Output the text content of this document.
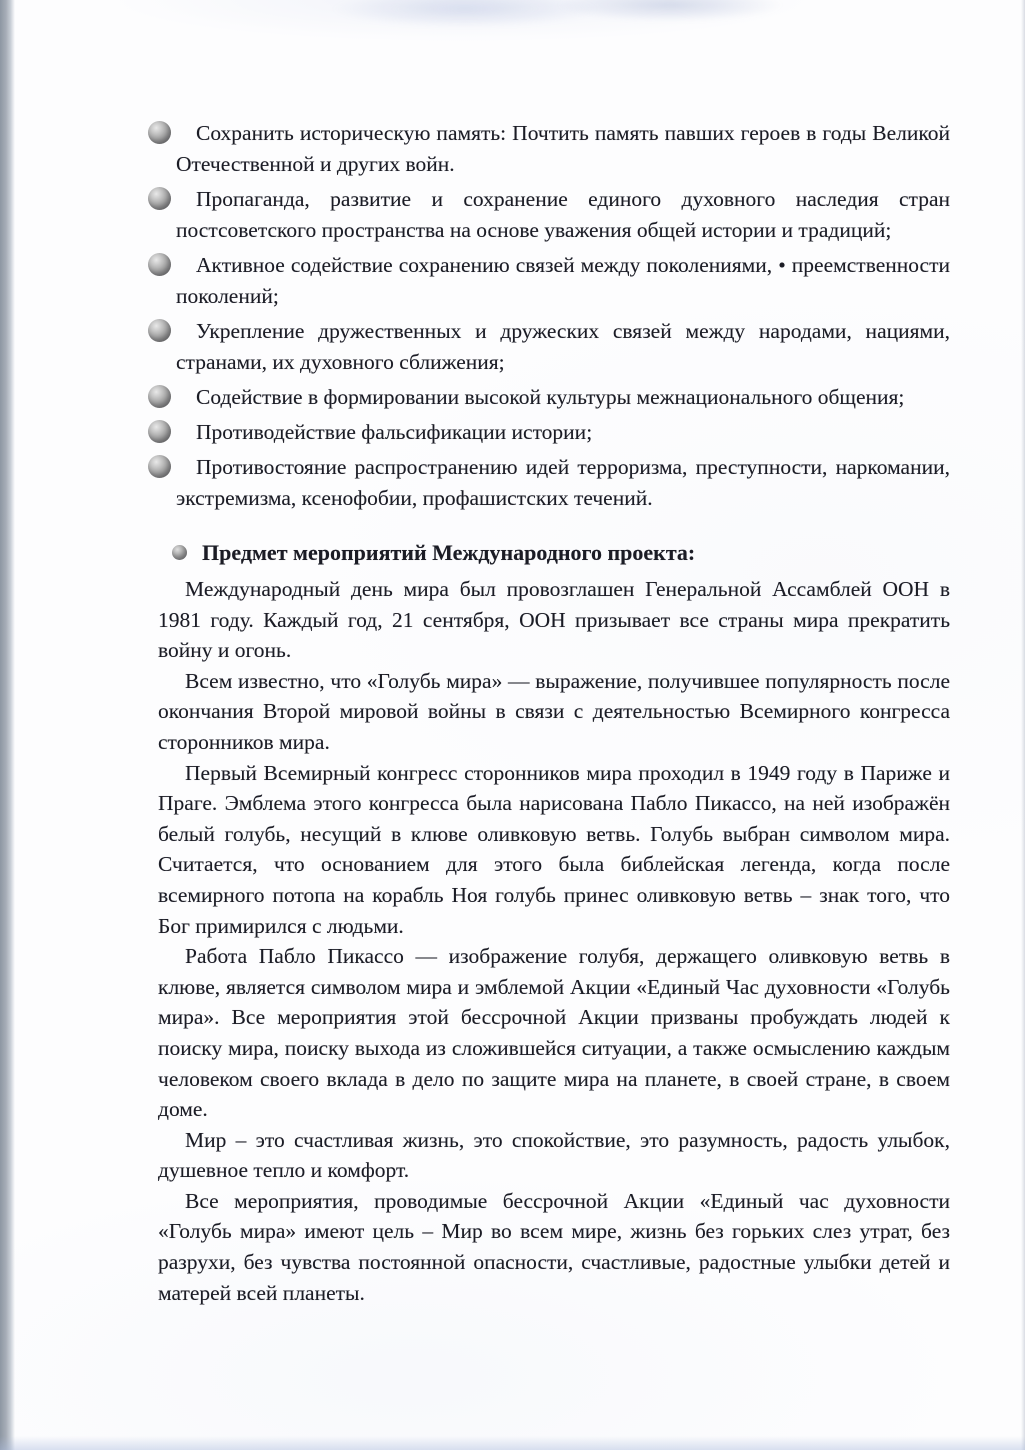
Сохранить историческую память: Почтить память павших героев в годы Великой Отечественной и других войн.
Пропаганда, развитие и сохранение единого духовного наследия стран постсоветского пространства на основе уважения общей истории и традиций;
Активное содействие сохранению связей между поколениями, • преемственности поколений;
Укрепление дружественных и дружеских связей между народами, нациями, странами, их духовного сближения;
Содействие в формировании высокой культуры межнационального общения;
Противодействие фальсификации истории;
Противостояние распространению идей терроризма, преступности, наркомании, экстремизма, ксенофобии, профашистских течений.
Предмет мероприятий Международного проекта:

Международный день мира был провозглашен Генеральной Ассамблей ООН в 1981 году. Каждый год, 21 сентября, ООН призывает все страны мира прекратить войну и огонь.

Всем известно, что «Голубь мира» — выражение, получившее популярность после окончания Второй мировой войны в связи с деятельностью Всемирного конгресса сторонников мира.

Первый Всемирный конгресс сторонников мира проходил в 1949 году в Париже и Праге. Эмблема этого конгресса была нарисована Пабло Пикассо, на ней изображён белый голубь, несущий в клюве оливковую ветвь. Голубь выбран символом мира. Считается, что основанием для этого была библейская легенда, когда после всемирного потопа на корабль Ноя голубь принес оливковую ветвь – знак того, что Бог примирился с людьми.

Работа Пабло Пикассо — изображение голубя, держащего оливковую ветвь в клюве, является символом мира и эмблемой Акции «Единый Час духовности «Голубь мира». Все мероприятия этой бессрочной Акции призваны пробуждать людей к поиску мира, поиску выхода из сложившейся ситуации, а также осмыслению каждым человеком своего вклада в дело по защите мира на планете, в своей стране, в своем доме.

Мир – это счастливая жизнь, это спокойствие, это разумность, радость улыбок, душевное тепло и комфорт.

Все мероприятия, проводимые бессрочной Акции «Единый час духовности «Голубь мира» имеют цель – Мир во всем мире, жизнь без горьких слез утрат, без разрухи, без чувства постоянной опасности, счастливые, радостные улыбки детей и матерей всей планеты.
